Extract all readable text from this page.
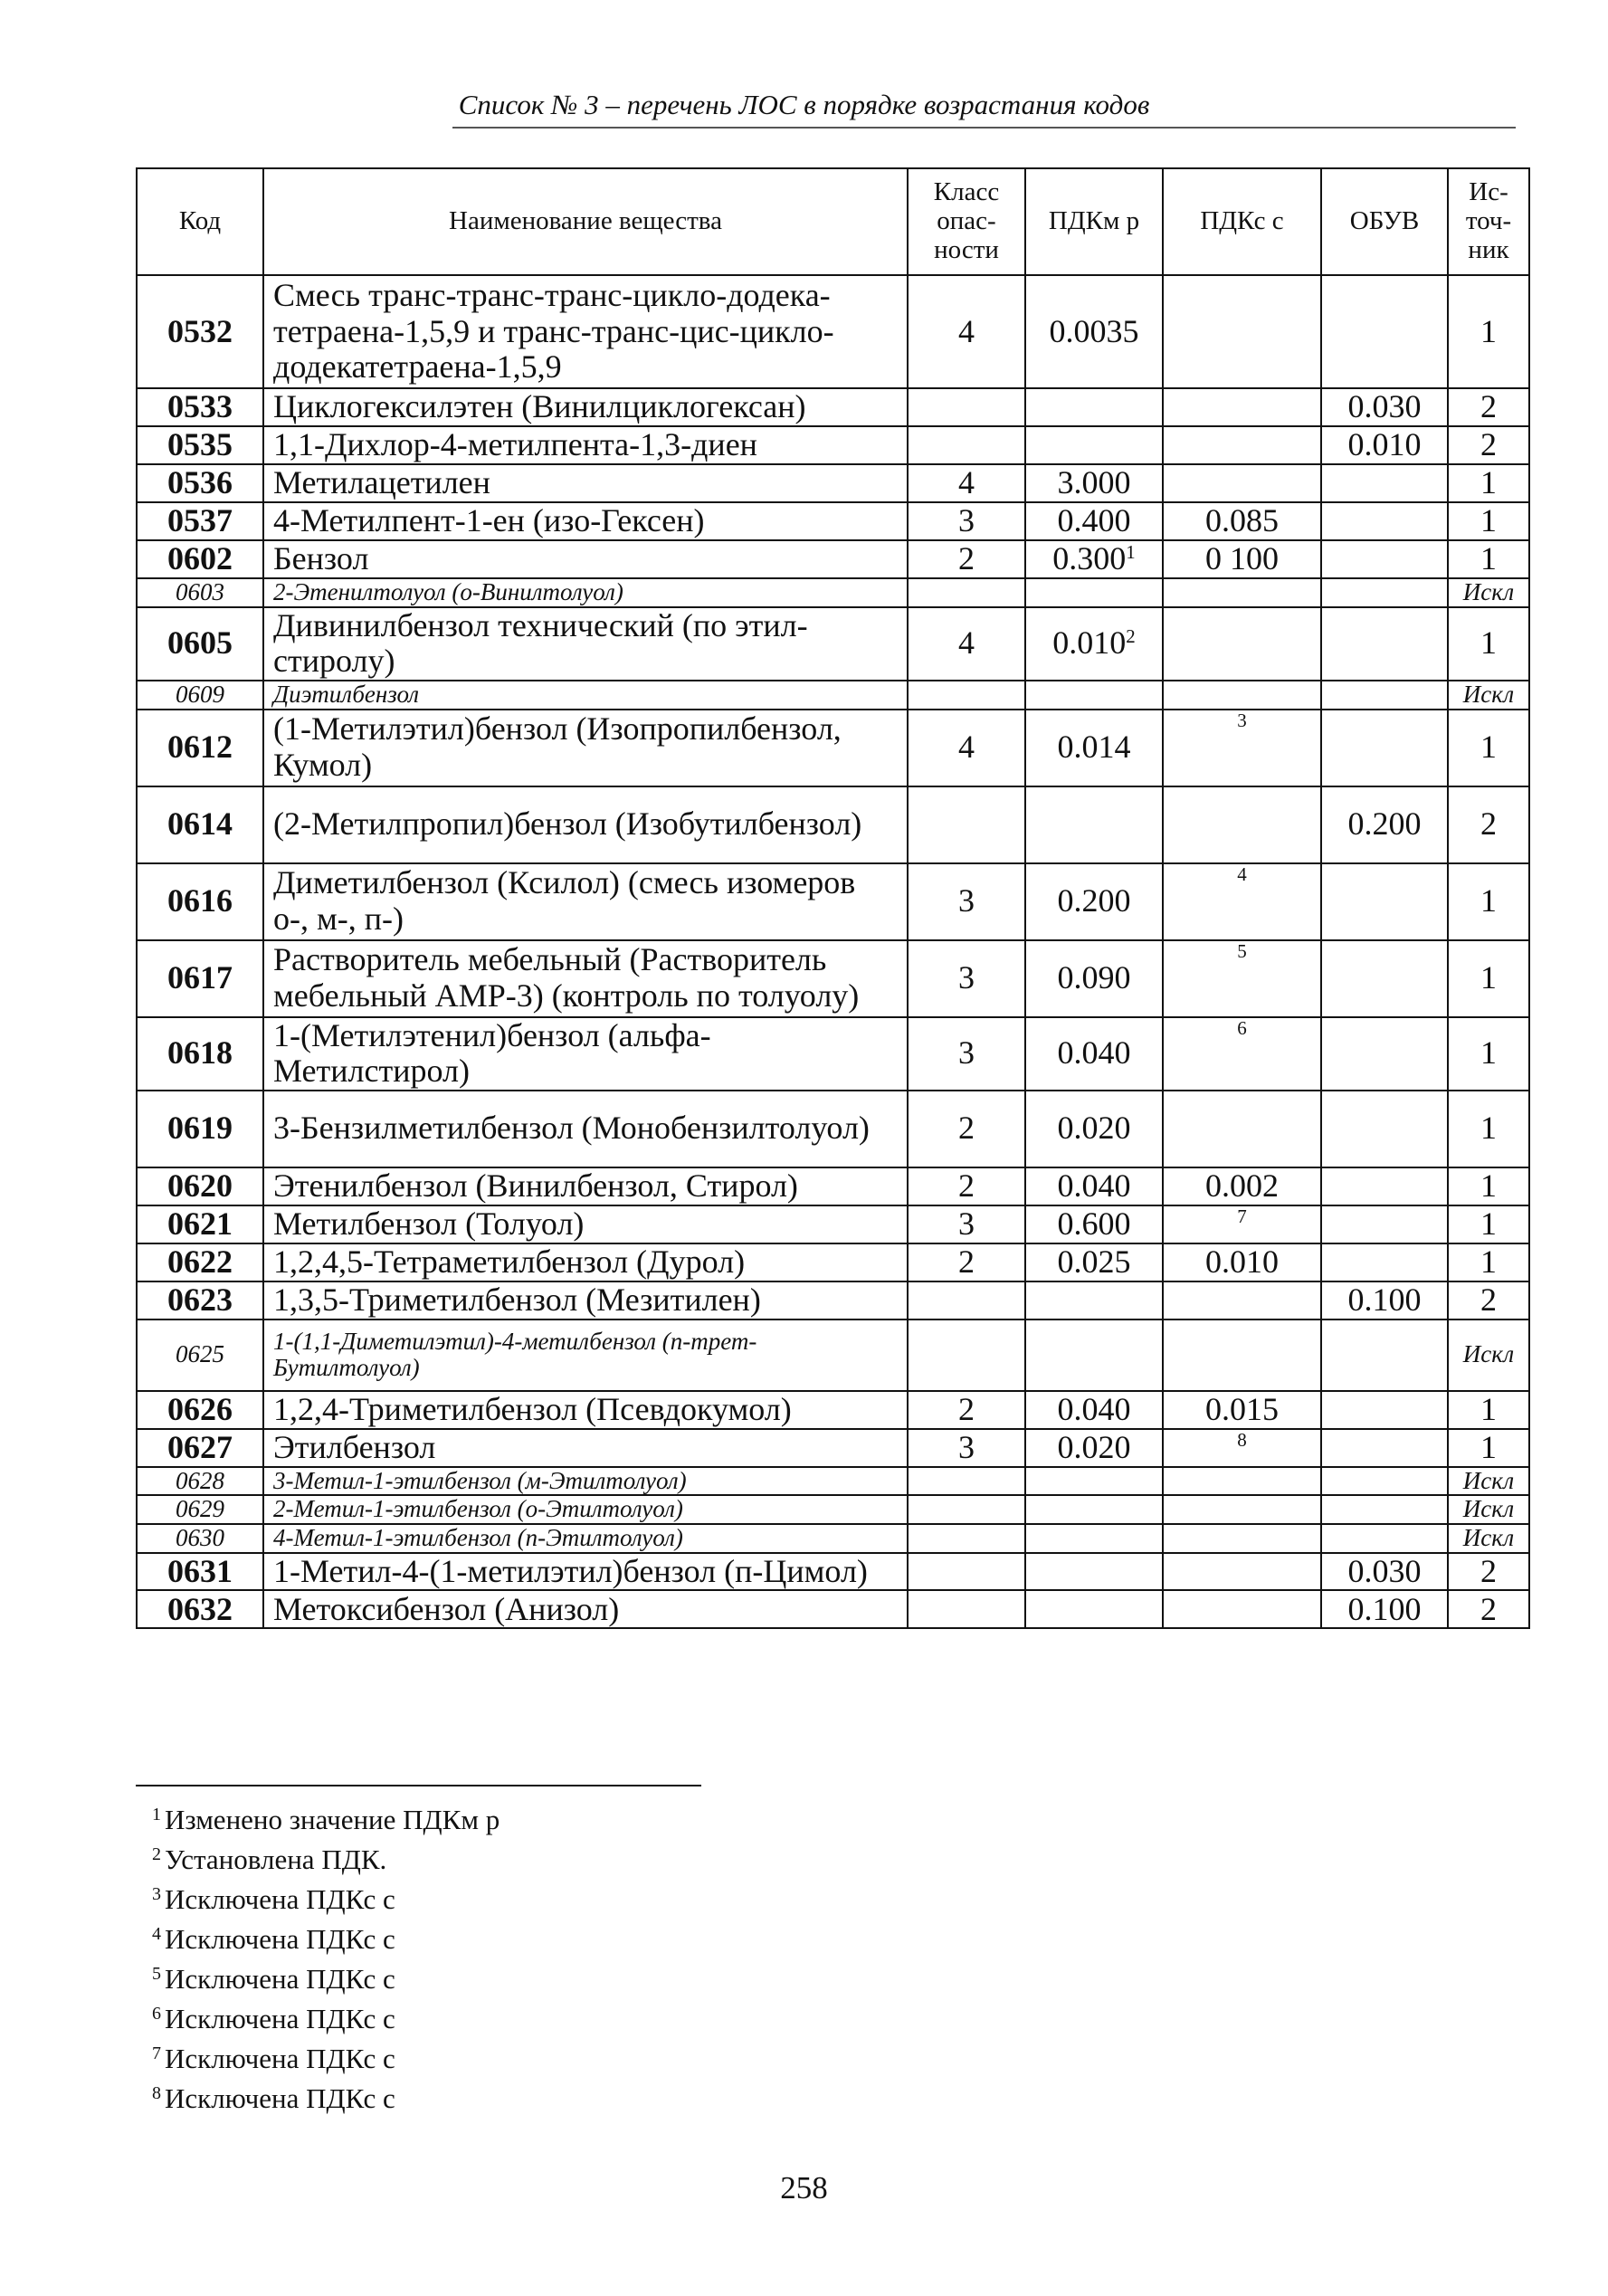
Список № 3 – перечень ЛОС в порядке возрастания кодов
Код	Наименование вещества	Класс опас-ности	ПДКм р	ПДКс с	ОБУВ	Ис-точ-ник
0532	Смесь транс-транс-транс-цикло-додека-тетраена-1,5,9 и транс-транс-цис-цикло-додекатетраена-1,5,9	4	0.0035			1
0533	Циклогексилэтен (Винилциклогексан)				0.030	2
0535	1,1-Дихлор-4-метилпента-1,3-диен				0.010	2
0536	Метилацетилен	4	3.000			1
0537	4-Метилпент-1-ен (изо-Гексен)	3	0.400	0.085		1
0602	Бензол	2	0.300$^1$	0 100		1
0603	2-Этенилтолуол (о-Винилтолуол)					Искл
0605	Дивинилбензол технический (по этил-стиролу)	4	0.010$^2$			1
0609	Диэтилбензол					Искл
0612	(1-Метилэтил)бензол (Изопропилбензол, Кумол)	4	0.014	3		1
0614	(2-Метилпропил)бензол (Изобутилбензол)				0.200	2
0616	Диметилбензол (Ксилол) (смесь изомеров о-, м-, п-)	3	0.200	4		1
0617	Растворитель мебельный (Растворитель мебельный АМР-3) (контроль по толуолу)	3	0.090	5		1
0618	1-(Метилэтенил)бензол (альфа-Метилстирол)	3	0.040	6		1
0619	3-Бензилметилбензол (Монобензилтолуол)	2	0.020			1
0620	Этенилбензол (Винилбензол, Стирол)	2	0.040	0.002		1
0621	Метилбензол (Толуол)	3	0.600	7		1
0622	1,2,4,5-Тетраметилбензол (Дурол)	2	0.025	0.010		1
0623	1,3,5-Триметилбензол (Мезитилен)				0.100	2
0625	1-(1,1-Диметилэтил)-4-метилбензол (п-трет-Бутилтолуол)					Искл
0626	1,2,4-Триметилбензол (Псевдокумол)	2	0.040	0.015		1
0627	Этилбензол	3	0.020	8		1
0628	3-Метил-1-этилбензол (м-Этилтолуол)					Искл
0629	2-Метил-1-этилбензол (о-Этилтолуол)					Искл
0630	4-Метил-1-этилбензол (п-Этилтолуол)					Искл
0631	1-Метил-4-(1-метилэтил)бензол (п-Цимол)				0.030	2
0632	Метоксибензол (Анизол)				0.100	2
$^1$ Изменено значение ПДКм р
$^2$ Установлена ПДК.
$^3$ Исключена ПДКс с
$^4$ Исключена ПДКс с
$^5$ Исключена ПДКс с
$^6$ Исключена ПДКс с
$^7$ Исключена ПДКс с
$^8$ Исключена ПДКс с
258
